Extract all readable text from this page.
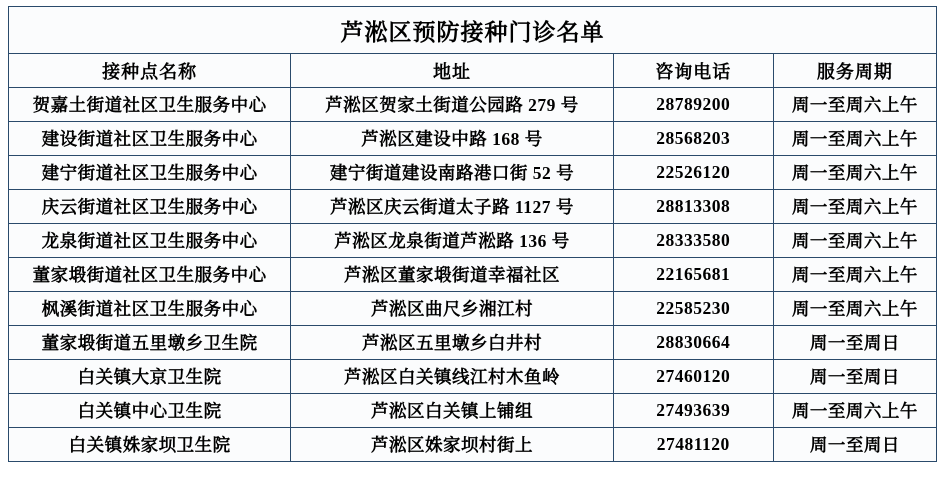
芦淞区预防接种门诊名单			
接种点名称	地址	咨询电话	服务周期
贺嘉土街道社区卫生服务中心	芦淞区贺家土街道公园路 279 号	28789200	周一至周六上午
建设街道社区卫生服务中心	芦淞区建设中路 168 号	28568203	周一至周六上午
建宁街道社区卫生服务中心	建宁街道建设南路港口街 52 号	22526120	周一至周六上午
庆云街道社区卫生服务中心	芦淞区庆云街道太子路 1127 号	28813308	周一至周六上午
龙泉街道社区卫生服务中心	芦淞区龙泉街道芦淞路 136 号	28333580	周一至周六上午
董家塅街道社区卫生服务中心	芦淞区董家塅街道幸福社区	22165681	周一至周六上午
枫溪街道社区卫生服务中心	芦淞区曲尺乡湘江村	22585230	周一至周六上午
董家塅街道五里墩乡卫生院	芦淞区五里墩乡白井村	28830664	周一至周日
白关镇大京卫生院	芦淞区白关镇线江村木鱼岭	27460120	周一至周日
白关镇中心卫生院	芦淞区白关镇上铺组	27493639	周一至周六上午
白关镇姝家坝卫生院	芦淞区姝家坝村街上	27481120	周一至周日
